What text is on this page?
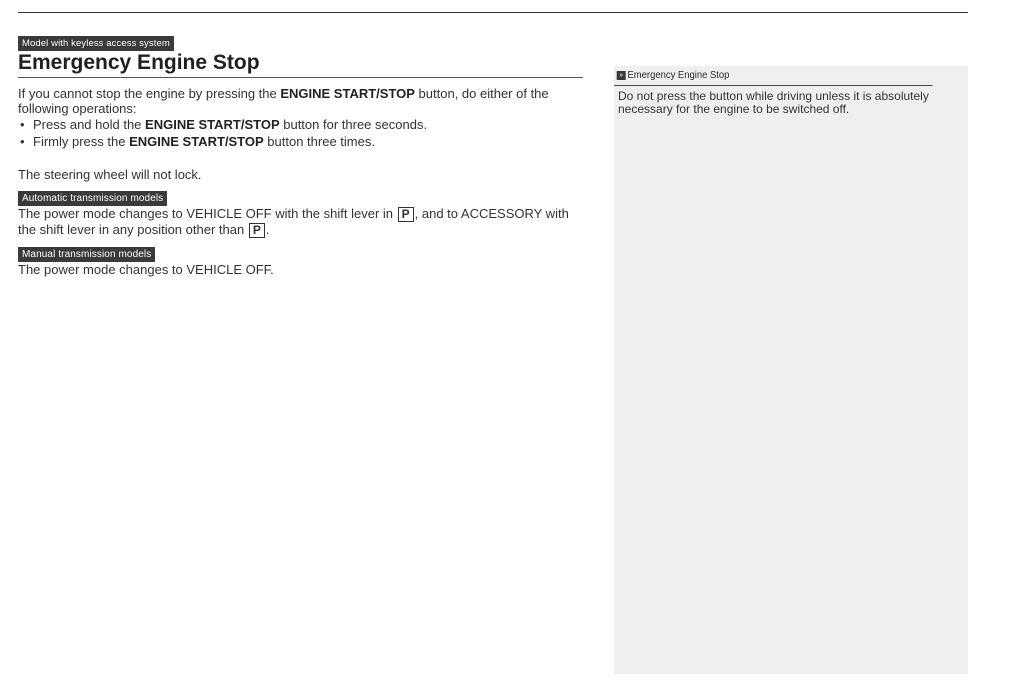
Model with keyless access system
Emergency Engine Stop

If you cannot stop the engine by pressing the ENGINE START/STOP button, do either of the following operations:

• Press and hold the ENGINE START/STOP button for three seconds.
• Firmly press the ENGINE START/STOP button three times.

The steering wheel will not lock.

Automatic transmission models

The power mode changes to VEHICLE OFF with the shift lever in P , and to ACCESSORY with the shift lever in any position other than P .

Manual transmission models

The power mode changes to VEHICLE OFF.

» Emergency Engine Stop

Do not press the button while driving unless it is absolutely necessary for the engine to be switched off.
